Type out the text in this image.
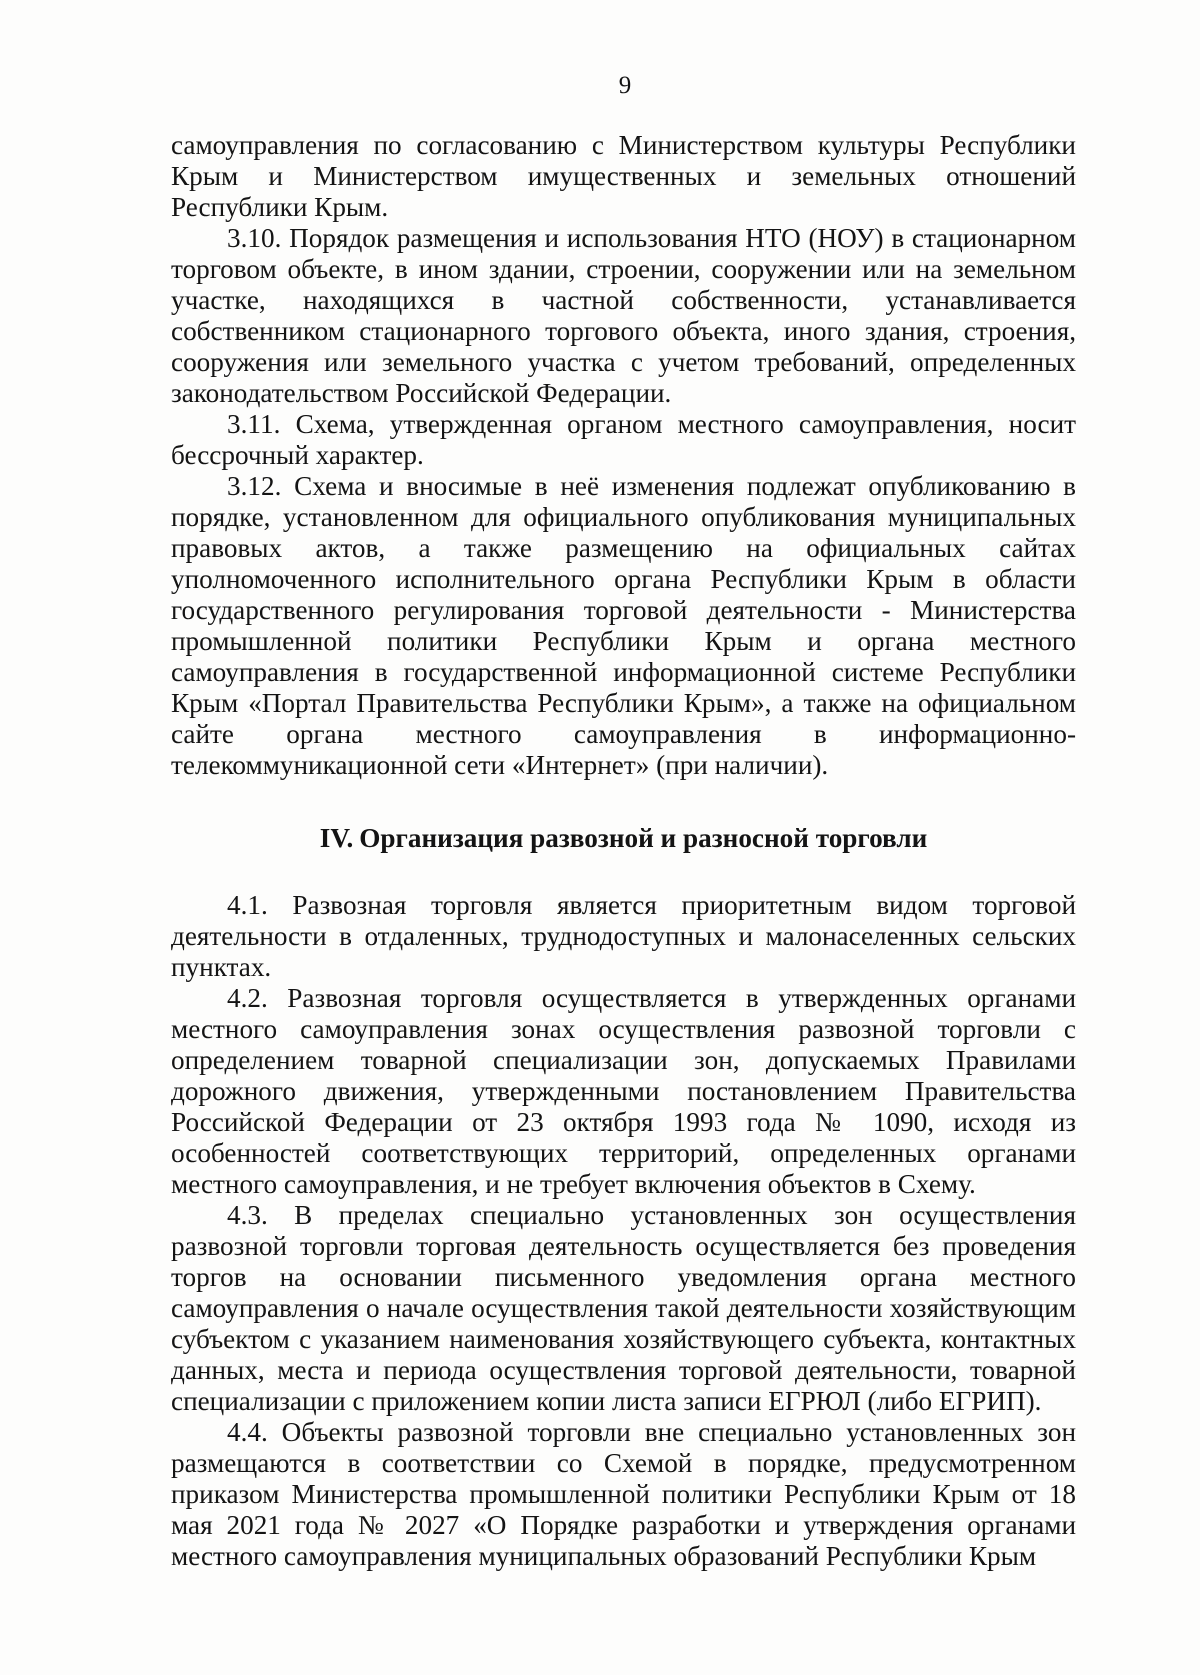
9

самоуправления по согласованию с Министерством культуры Республики Крым и Министерством имущественных и земельных отношений Республики Крым.

3.10. Порядок размещения и использования НТО (НОУ) в стационарном торговом объекте, в ином здании, строении, сооружении или на земельном участке, находящихся в частной собственности, устанавливается собственником стационарного торгового объекта, иного здания, строения, сооружения или земельного участка с учетом требований, определенных законодательством Российской Федерации.

3.11. Схема, утвержденная органом местного самоуправления, носит бессрочный характер.

3.12. Схема и вносимые в неё изменения подлежат опубликованию в порядке, установленном для официального опубликования муниципальных правовых актов, а также размещению на официальных сайтах уполномоченного исполнительного органа Республики Крым в области государственного регулирования торговой деятельности - Министерства промышленной политики Республики Крым и органа местного самоуправления в государственной информационной системе Республики Крым «Портал Правительства Республики Крым», а также на официальном сайте органа местного самоуправления в информационно-телекоммуникационной сети «Интернет» (при наличии).

IV. Организация развозной и разносной торговли

4.1. Развозная торговля является приоритетным видом торговой деятельности в отдаленных, труднодоступных и малонаселенных сельских пунктах.

4.2. Развозная торговля осуществляется в утвержденных органами местного самоуправления зонах осуществления развозной торговли с определением товарной специализации зон, допускаемых Правилами дорожного движения, утвержденными постановлением Правительства Российской Федерации от 23 октября 1993 года № 1090, исходя из особенностей соответствующих территорий, определенных органами местного самоуправления, и не требует включения объектов в Схему.

4.3. В пределах специально установленных зон осуществления развозной торговли торговая деятельность осуществляется без проведения торгов на основании письменного уведомления органа местного самоуправления о начале осуществления такой деятельности хозяйствующим субъектом с указанием наименования хозяйствующего субъекта, контактных данных, места и периода осуществления торговой деятельности, товарной специализации с приложением копии листа записи ЕГРЮЛ (либо ЕГРИП).

4.4. Объекты развозной торговли вне специально установленных зон размещаются в соответствии со Схемой в порядке, предусмотренном приказом Министерства промышленной политики Республики Крым от 18 мая 2021 года № 2027 «О Порядке разработки и утверждения органами местного самоуправления муниципальных образований Республики Крым
